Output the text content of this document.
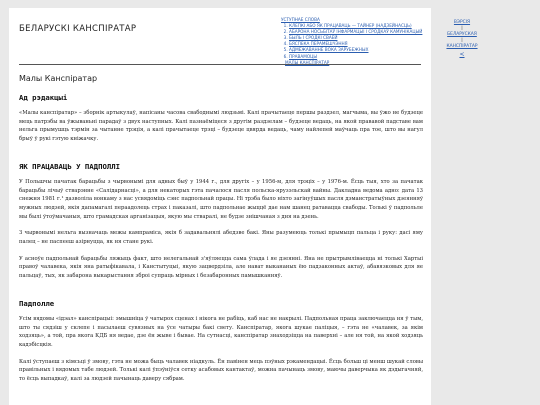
БЕЛАРУСКІ КАНСПІРАТАР
УСТУПНАЕ СЛОВА
1. КЛЕПКІ АБО ЯК ПРАЦАВАЦЬ — ТАЙНЕР (НАДЗЕЙНАСЦЬ)
2. АБАРОНА НОСЬБІТАЎ ІНФАРМАЦЫІ І СРОДКАЎ КАМУНІКАЦЫЙ
3. БЫЛЬ І СРОДКІ СВАЕЙ
4. БЯСПЕКА ПЕРАМЕШЧЭННЯ
5. АДМЕЖАВАННЕ ВОКА ЗАРУБЕЖНЫХ
6. ПРАВАМОЦЫ
МАЛЫ КАНСПІРАТАР
Малы Канспіратар
Ад рэдакцыі

«Малы канспіратар» – зборнік артыкулаў, напісаны часова свабоднымі людзьмі. Калі прачытаеце першы раздзел, магчыма, вы ўжо не будзеце мець патрэбы ва ўжываньні парадаў з двух наступных. Калі пазнаёміцеся з другім раздзелам – будзеце ведаць, на якой прававой падставе вам нельга прымушць тэрмін за чытанне трэція, а калі прачытаеце трэці – будзеце цвярда ведаць, чаму найлепей маўчаць пра тое, што вы нагул брыў ў рукі гэтую кніжачку.

ЯК ПРАЦАВАЦЬ У ПАДПОЛЛІ

У Польшчы пачатак барацьбы з чырвонымі для адных быў у 1944 г., для другіх – у 1956-м, для трэціх – у 1976-м. Ёсць тыя, хто за пачатак барацьбы лічыў стварэнне «Салідарнасці», а для некаторых гэта пачалося пасля польска-ярузэльскай вайны. Дакладна ведома адно: дата 13 снежня 1981 г.¹ дазволіла вонкаму з нас усвядоміць сэнс падпольнай працы. Ні трэба было ніхто загінуўшых пасля дэманстратыўных дзеянняў мужных людзей, якія дапамагалі пераадолець страх і паказалі, што падпольнае жыццё дае нам шанец ратавацца свабоды. Толькі ў падпольле мы былі ўтоўмачаныя, што грамадская арганізацыя, якую мы стваралі, не будзе знішчаная з дня на дзень.

З чырвонымі нельга вызначаць межы кампраміса, якія б задавальнялі абедзве бакі. Яны разумеюць толькі прымыцп пальца і руку: дасі яму палец – не паспееш азірнуцца, як ня стане рукі.

У асноўе падпольнай барацьбы ляжыць факт, што нелегальнай з'яўляецца сама ўлада і яе дзеянні. Яна не прытрымліваецца ні толькі Хартыі правоў чалавека, якія яна ратыфікавала, і Канстытуцыі, якую зацвердзіла, але нават выкананых ёю падзаконных актаў, абавязковых для яе пальцаў, тых, як забарона выкарыстання зброі супраць мірных і безабаронных памышканняў.

Падполле

Усім вядомы «ідэал» канспірацыі: эмышніца ў чатырох сценах і нікога не рабіць, каб нас не накрылі. Падпольная праца заключаецца ня ў тым, што ты сядзіш у склепе і пасылаеш сувязных на ўсе чатыры бакі свету. Канспіратар, якога шукае паліцыя, – гэта не «чалавек, за якім ходзяць», а той, пра якога КДБ ня ведае, дзе ён жыве і бывае. На сутнасці, канспіратар знаходзіцца на паверхні – але ня той, на якой ходзяць кадэбісцкія.

Калі ўступаеш з кімсьці ў змову, гэта не можа быць чалавек ніадкуль. Ён павінен мець пэўных рэкамендацыі. Ёсць больш ці менш шукай словы правільных і вядомых табе людзей. Толькі калі ўпэўніўся сетку асабовых кантактаў, можна пачынаць змову, маючы даверчыка як дэдыгачняй, то ёсць выпадкаў, калі за людзей пачынаць даверу сябрам.

ВЭРСІЯ
|
БЕЛАРУСКАЯ
|
КАНСПІРАТАР
<
